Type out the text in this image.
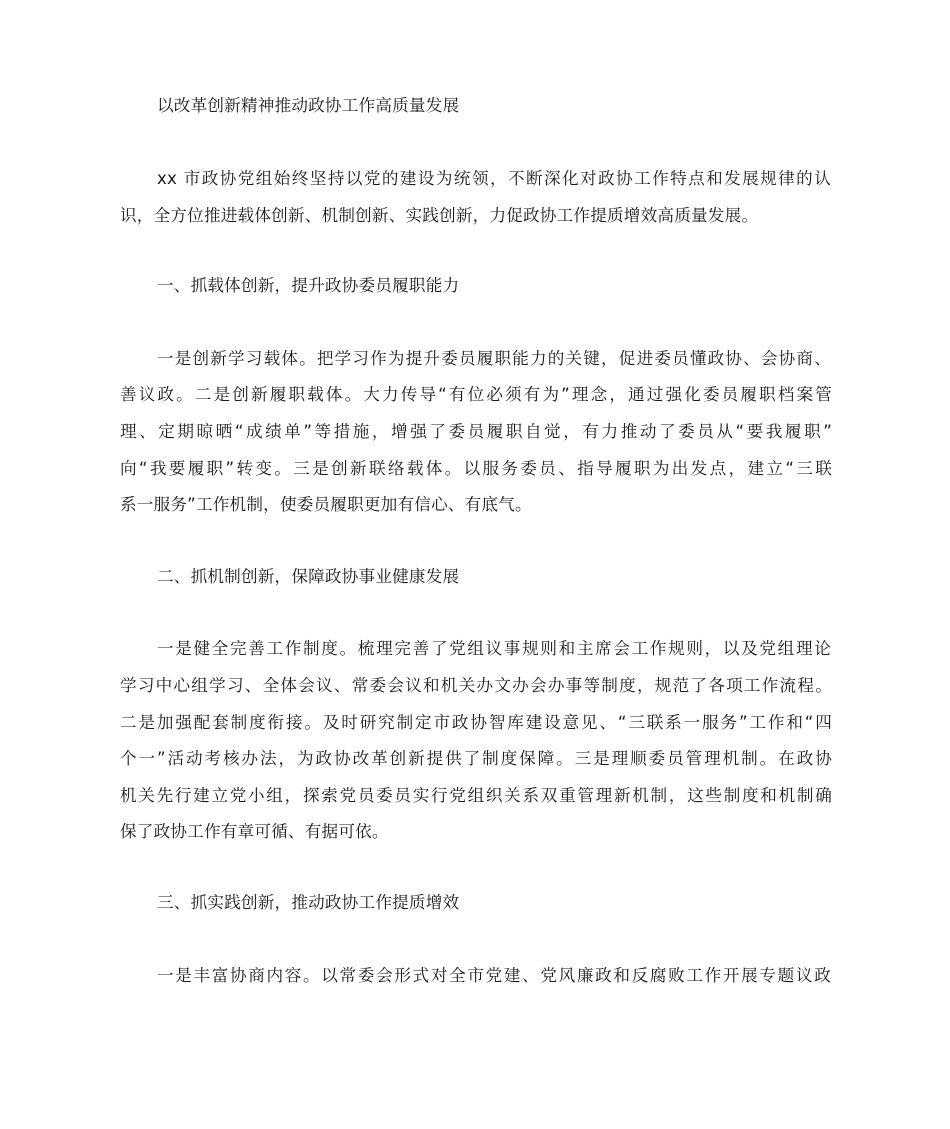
以改革创新精神推动政协工作高质量发展
xx 市政协党组始终坚持以党的建设为统领，不断深化对政协工作特点和发展规律的认
识，全方位推进载体创新、机制创新、实践创新，力促政协工作提质增效高质量发展。
一、抓载体创新，提升政协委员履职能力
一是创新学习载体。把学习作为提升委员履职能力的关键，促进委员懂政协、会协商、
善议政。二是创新履职载体。大力传导“有位必须有为”理念，通过强化委员履职档案管
理、定期晾晒“成绩单”等措施，增强了委员履职自觉，有力推动了委员从“要我履职”
向“我要履职”转变。三是创新联络载体。以服务委员、指导履职为出发点，建立“三联
系一服务”工作机制，使委员履职更加有信心、有底气。
二、抓机制创新，保障政协事业健康发展
一是健全完善工作制度。梳理完善了党组议事规则和主席会工作规则，以及党组理论
学习中心组学习、全体会议、常委会议和机关办文办会办事等制度，规范了各项工作流程。
二是加强配套制度衔接。及时研究制定市政协智库建设意见、“三联系一服务”工作和“四
个一”活动考核办法，为政协改革创新提供了制度保障。三是理顺委员管理机制。在政协
机关先行建立党小组，探索党员委员实行党组织关系双重管理新机制，这些制度和机制确
保了政协工作有章可循、有据可依。
三、抓实践创新，推动政协工作提质增效
一是丰富协商内容。以常委会形式对全市党建、党风廉政和反腐败工作开展专题议政
